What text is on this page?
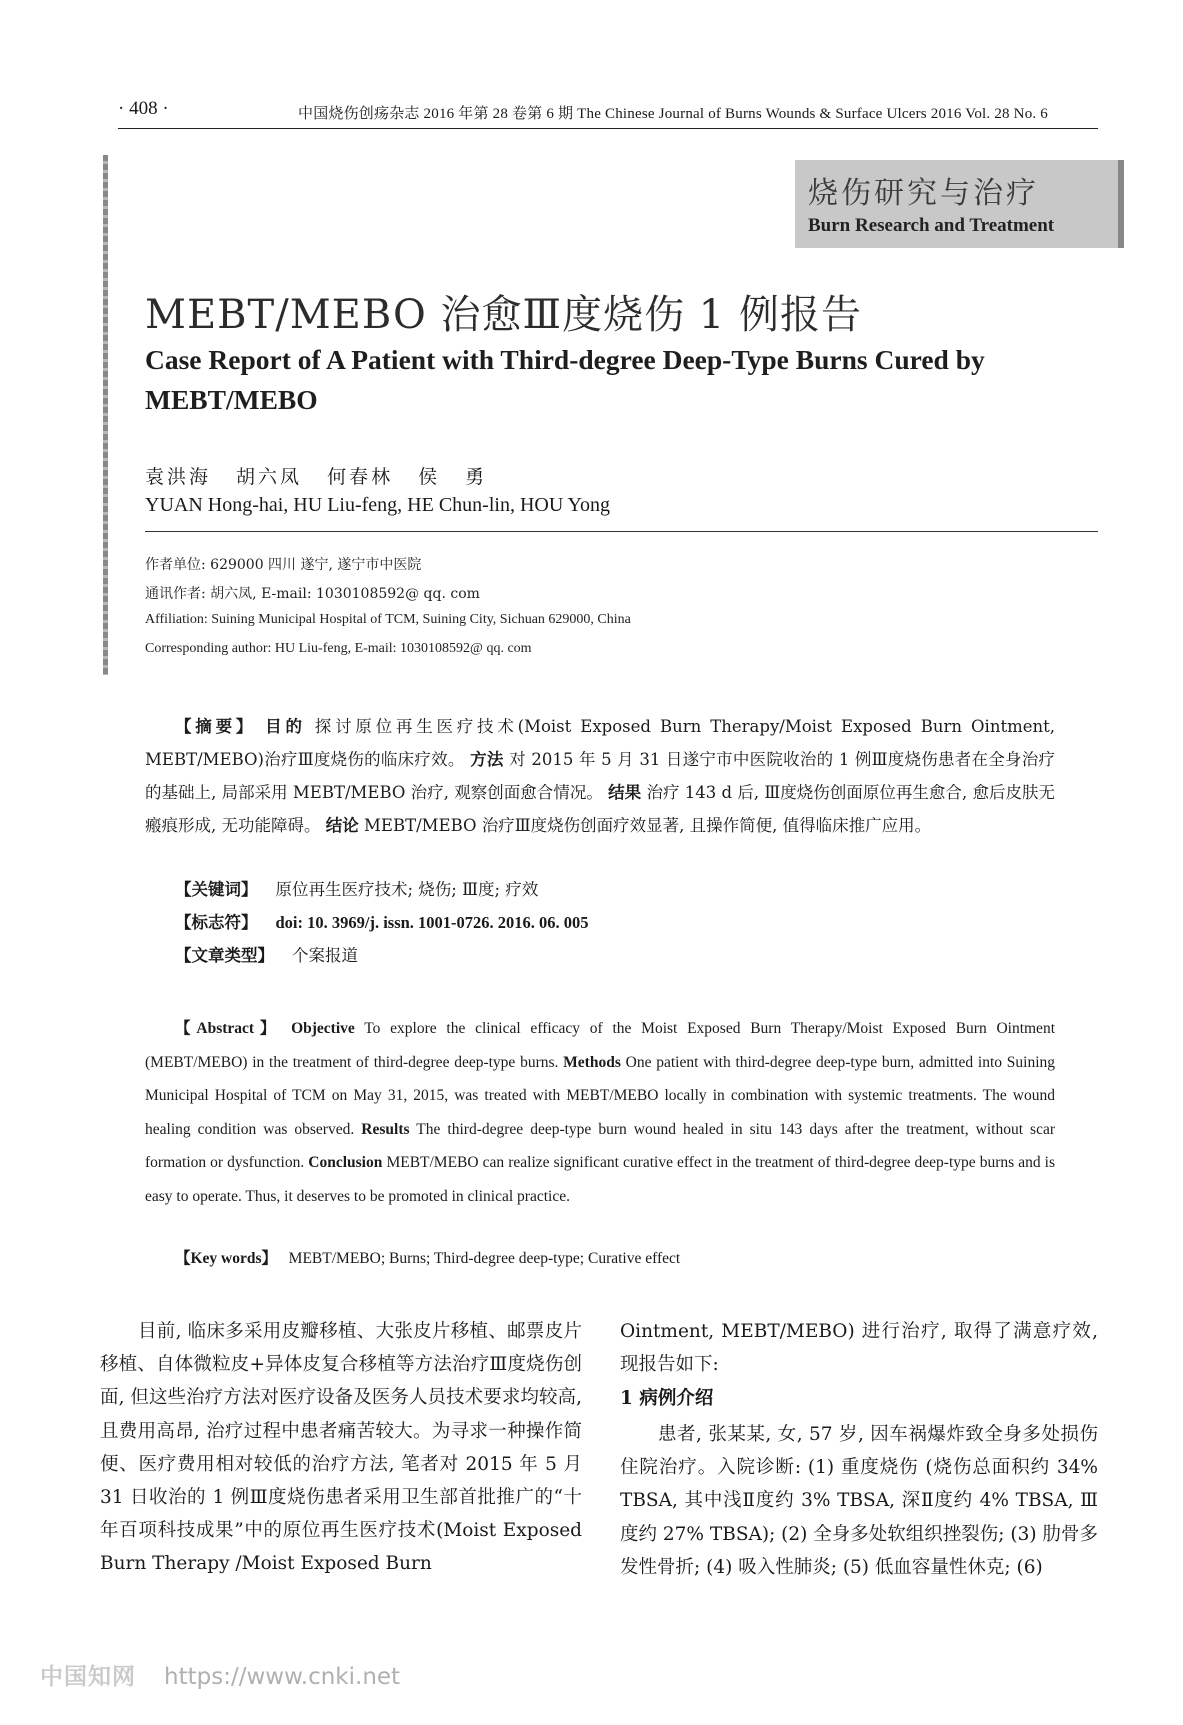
· 408 ·	中国烧伤创疡杂志 2016 年第 28 卷第 6 期 The Chinese Journal of Burns Wounds & Surface Ulcers 2016 Vol. 28 No. 6
烧伤研究与治疗
Burn Research and Treatment
MEBT/MEBO 治愈Ⅲ度烧伤 1 例报告
Case Report of A Patient with Third-degree Deep-Type Burns Cured by MEBT/MEBO
袁洪海 胡六凤 何春林 侯 勇
YUAN Hong-hai, HU Liu-feng, HE Chun-lin, HOU Yong
作者单位: 629000 四川 遂宁, 遂宁市中医院
通讯作者: 胡六凤, E-mail: 1030108592@ qq. com
Affiliation: Suining Municipal Hospital of TCM, Suining City, Sichuan 629000, China
Corresponding author: HU Liu-feng, E-mail: 1030108592@ qq. com
【摘要】 目的 探讨原位再生医疗技术(Moist Exposed Burn Therapy/Moist Exposed Burn Ointment, MEBT/MEBO)治疗Ⅲ度烧伤的临床疗效。 方法 对 2015 年 5 月 31 日遂宁市中医院收治的 1 例Ⅲ度烧伤患者在全身治疗的基础上, 局部采用 MEBT/MEBO 治疗, 观察创面愈合情况。 结果 治疗 143 d 后, Ⅲ度烧伤创面原位再生愈合, 愈后皮肤无瘢痕形成, 无功能障碍。 结论 MEBT/MEBO 治疗Ⅲ度烧伤创面疗效显著, 且操作简便, 值得临床推广应用。
【关键词】 原位再生医疗技术; 烧伤; Ⅲ度; 疗效
【标志符】 doi: 10. 3969/j. issn. 1001-0726. 2016. 06. 005
【文章类型】 个案报道
【Abstract】 Objective To explore the clinical efficacy of the Moist Exposed Burn Therapy/Moist Exposed Burn Ointment (MEBT/MEBO) in the treatment of third-degree deep-type burns. Methods One patient with third-degree deep-type burn, admitted into Suining Municipal Hospital of TCM on May 31, 2015, was treated with MEBT/MEBO locally in combination with systemic treatments. The wound healing condition was observed. Results The third-degree deep-type burn wound healed in situ 143 days after the treatment, without scar formation or dysfunction. Conclusion MEBT/MEBO can realize significant curative effect in the treatment of third-degree deep-type burns and is easy to operate. Thus, it deserves to be promoted in clinical practice.
【Key words】 MEBT/MEBO; Burns; Third-degree deep-type; Curative effect
目前, 临床多采用皮瓣移植、大张皮片移植、邮票皮片移植、自体微粒皮+异体皮复合移植等方法治疗Ⅲ度烧伤创面, 但这些治疗方法对医疗设备及医务人员技术要求均较高, 且费用高昂, 治疗过程中患者痛苦较大。为寻求一种操作简便、医疗费用相对较低的治疗方法, 笔者对 2015 年 5 月 31 日收治的 1 例Ⅲ度烧伤患者采用卫生部首批推广的“十年百项科技成果”中的原位再生医疗技术(Moist Exposed Burn Therapy /Moist Exposed Burn
Ointment, MEBT/MEBO) 进行治疗, 取得了满意疗效, 现报告如下:
1 病例介绍
患者, 张某某, 女, 57 岁, 因车祸爆炸致全身多处损伤住院治疗。入院诊断: (1) 重度烧伤 (烧伤总面积约 34% TBSA, 其中浅Ⅱ度约 3% TBSA, 深Ⅱ度约 4% TBSA, Ⅲ度约 27% TBSA); (2) 全身多处软组织挫裂伤; (3) 肋骨多发性骨折; (4) 吸入性肺炎; (5) 低血容量性休克; (6)
中国知网 https://www.cnki.net
